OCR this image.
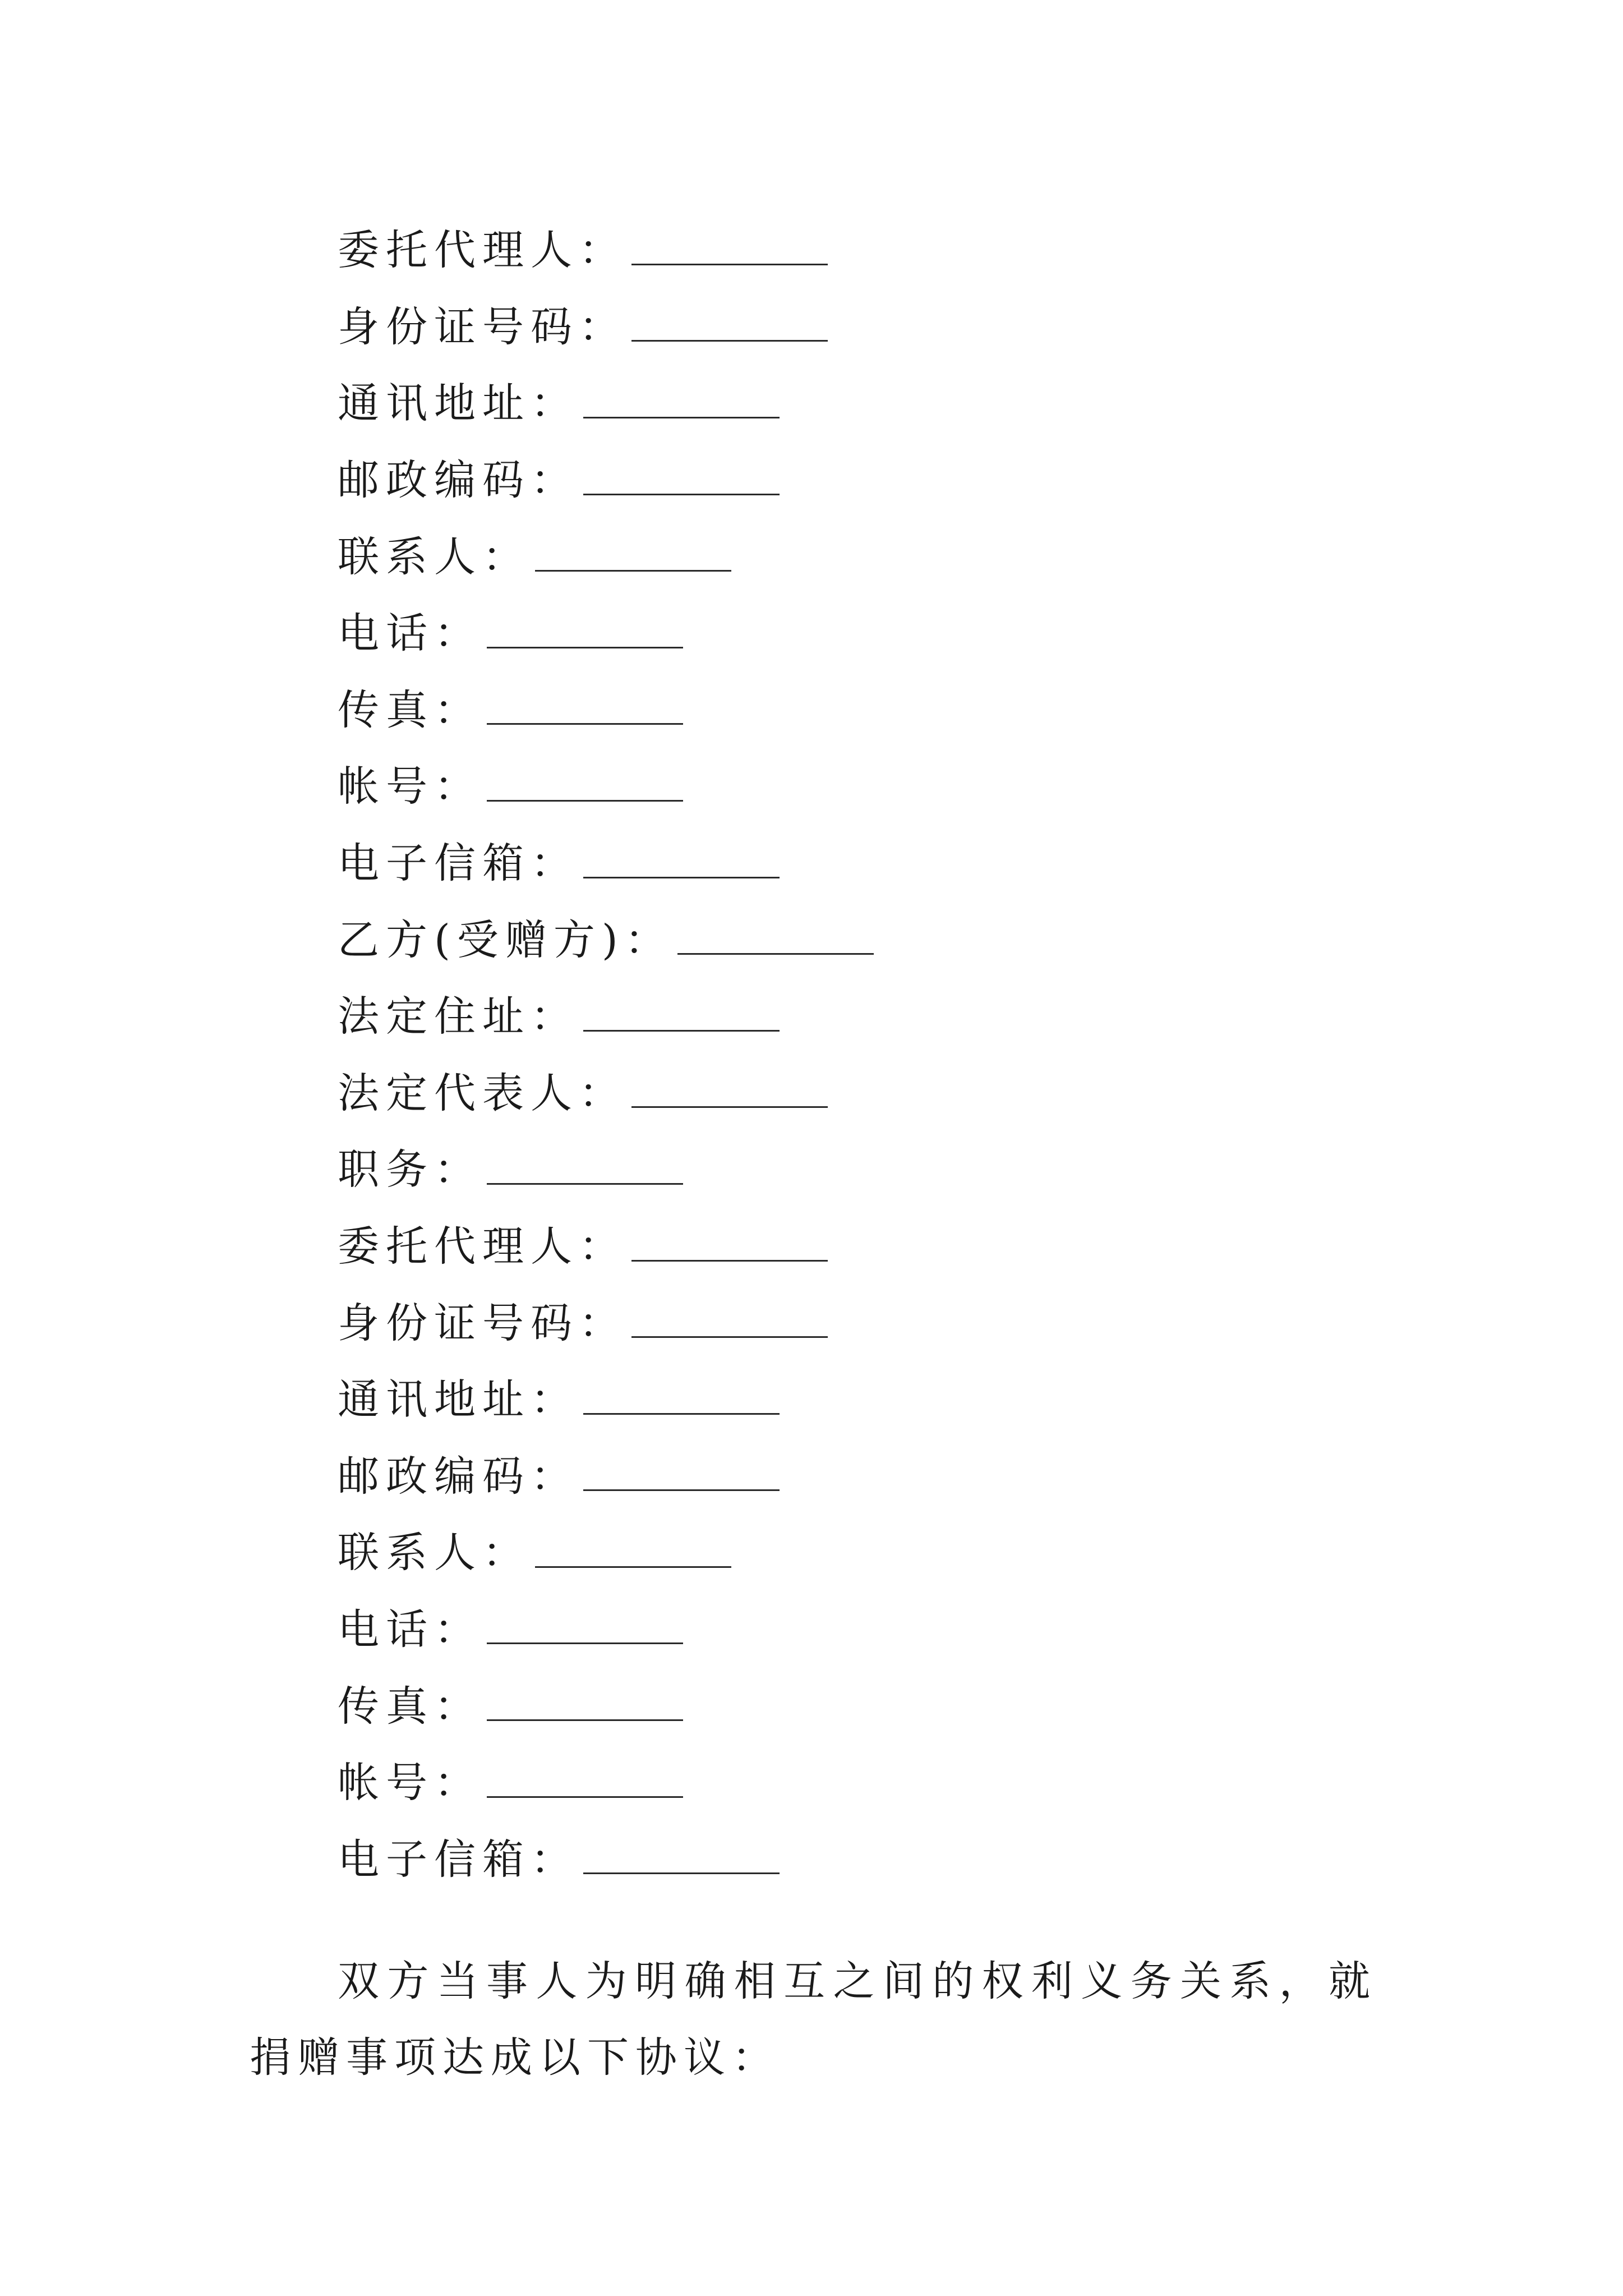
委托代理人：
身份证号码：
通讯地址：
邮政编码：
联系人：
电话：
传真：
帐号：
电子信箱：
乙方(受赠方)：
法定住址：
法定代表人：
职务：
委托代理人：
身份证号码：
通讯地址：
邮政编码：
联系人：
电话：
传真：
帐号：
电子信箱：

双方当事人为明确相互之间的权利义务关系，就捐赠事项达成以下协议：
